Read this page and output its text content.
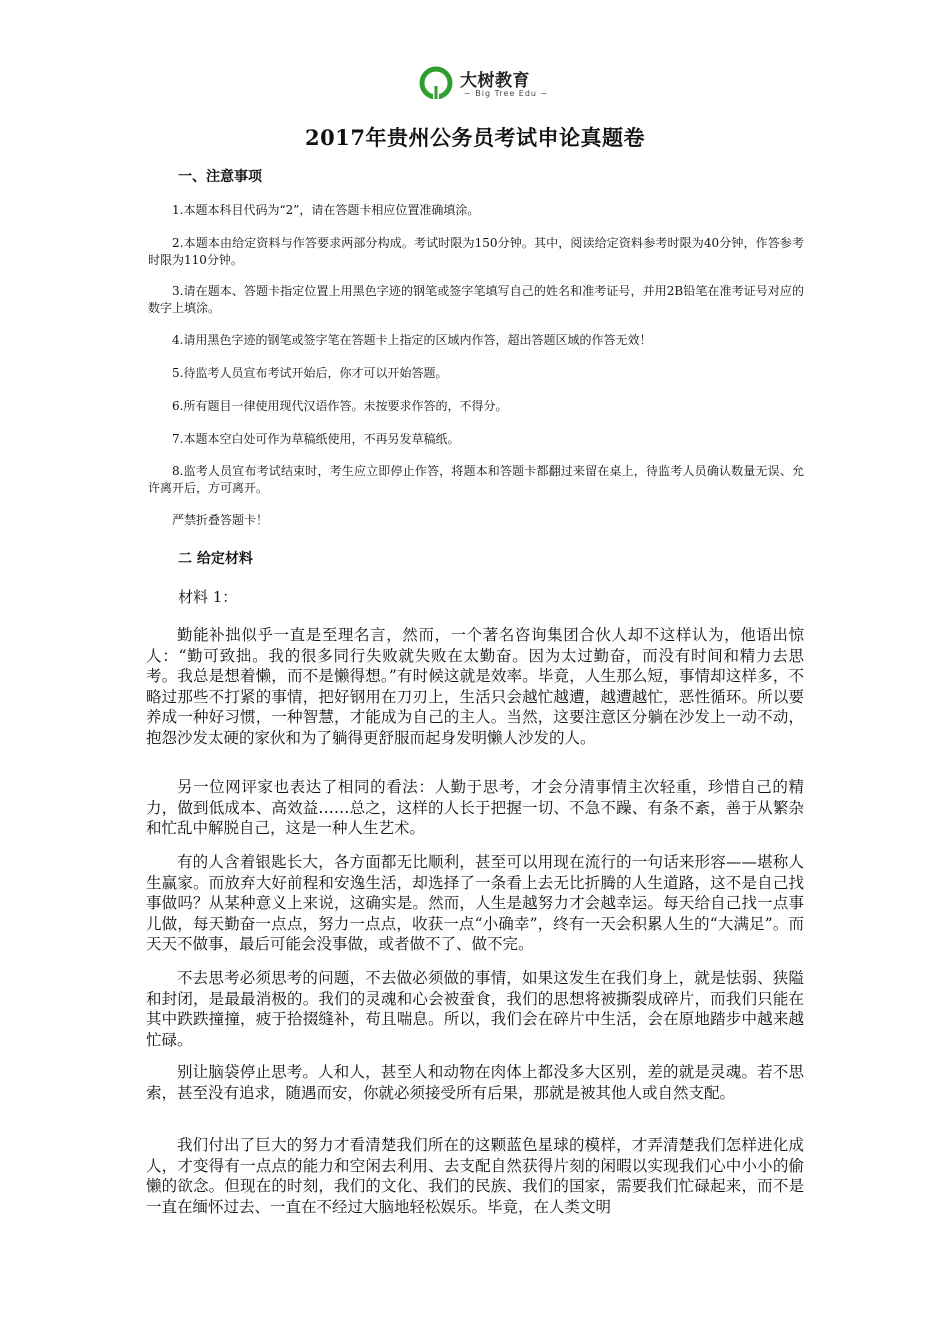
大树教育
~ Big Tree Edu ~
2017年贵州公务员考试申论真题卷
一、注意事项

1.本题本科目代码为“2”，请在答题卡相应位置准确填涂。

2.本题本由给定资料与作答要求两部分构成。考试时限为150分钟。其中，阅读给定资料参考时限为40分钟，作答参考时限为110分钟。

3.请在题本、答题卡指定位置上用黑色字迹的钢笔或签字笔填写自己的姓名和准考证号，并用2B铅笔在准考证号对应的数字上填涂。

4.请用黑色字迹的钢笔或签字笔在答题卡上指定的区域内作答，超出答题区域的作答无效！

5.待监考人员宣布考试开始后，你才可以开始答题。

6.所有题目一律使用现代汉语作答。未按要求作答的，不得分。

7.本题本空白处可作为草稿纸使用，不再另发草稿纸。

8.监考人员宣布考试结束时，考生应立即停止作答，将题本和答题卡都翻过来留在桌上，待监考人员确认数量无误、允许离开后，方可离开。

严禁折叠答题卡！

二 给定材料
材料 1：

勤能补拙似乎一直是至理名言，然而，一个著名咨询集团合伙人却不这样认为，他语出惊人：“勤可致拙。我的很多同行失败就失败在太勤奋。因为太过勤奋，而没有时间和精力去思考。我总是想着懒，而不是懒得想。”有时候这就是效率。毕竟，人生那么短，事情却这样多，不略过那些不打紧的事情，把好钢用在刀刃上，生活只会越忙越遭，越遭越忙，恶性循环。所以要养成一种好习惯，一种智慧，才能成为自己的主人。当然，这要注意区分躺在沙发上一动不动，抱怨沙发太硬的家伙和为了躺得更舒服而起身发明懒人沙发的人。

另一位网评家也表达了相同的看法：人勤于思考，才会分清事情主次轻重，珍惜自己的精力，做到低成本、高效益……总之，这样的人长于把握一切、不急不躁、有条不紊，善于从繁杂和忙乱中解脱自己，这是一种人生艺术。

有的人含着银匙长大，各方面都无比顺利，甚至可以用现在流行的一句话来形容——堪称人生赢家。而放弃大好前程和安逸生活，却选择了一条看上去无比折腾的人生道路，这不是自己找事做吗？从某种意义上来说，这确实是。然而，人生是越努力才会越幸运。每天给自己找一点事儿做，每天勤奋一点点，努力一点点，收获一点“小确幸”，终有一天会积累人生的“大满足”。而天天不做事，最后可能会没事做，或者做不了、做不完。

不去思考必须思考的问题，不去做必须做的事情，如果这发生在我们身上，就是怯弱、狭隘和封闭，是最最消极的。我们的灵魂和心会被蚕食，我们的思想将被撕裂成碎片，而我们只能在其中跌跌撞撞，疲于拾掇缝补，苟且喘息。所以，我们会在碎片中生活，会在原地踏步中越来越忙碌。

别让脑袋停止思考。人和人，甚至人和动物在肉体上都没多大区别，差的就是灵魂。若不思索，甚至没有追求，随遇而安，你就必须接受所有后果，那就是被其他人或自然支配。

我们付出了巨大的努力才看清楚我们所在的这颗蓝色星球的模样，才弄清楚我们怎样进化成人，才变得有一点点的能力和空闲去利用、去支配自然获得片刻的闲暇以实现我们心中小小的偷懒的欲念。但现在的时刻，我们的文化、我们的民族、我们的国家，需要我们忙碌起来，而不是一直在缅怀过去、一直在不经过大脑地轻松娱乐。毕竟，在人类文明
